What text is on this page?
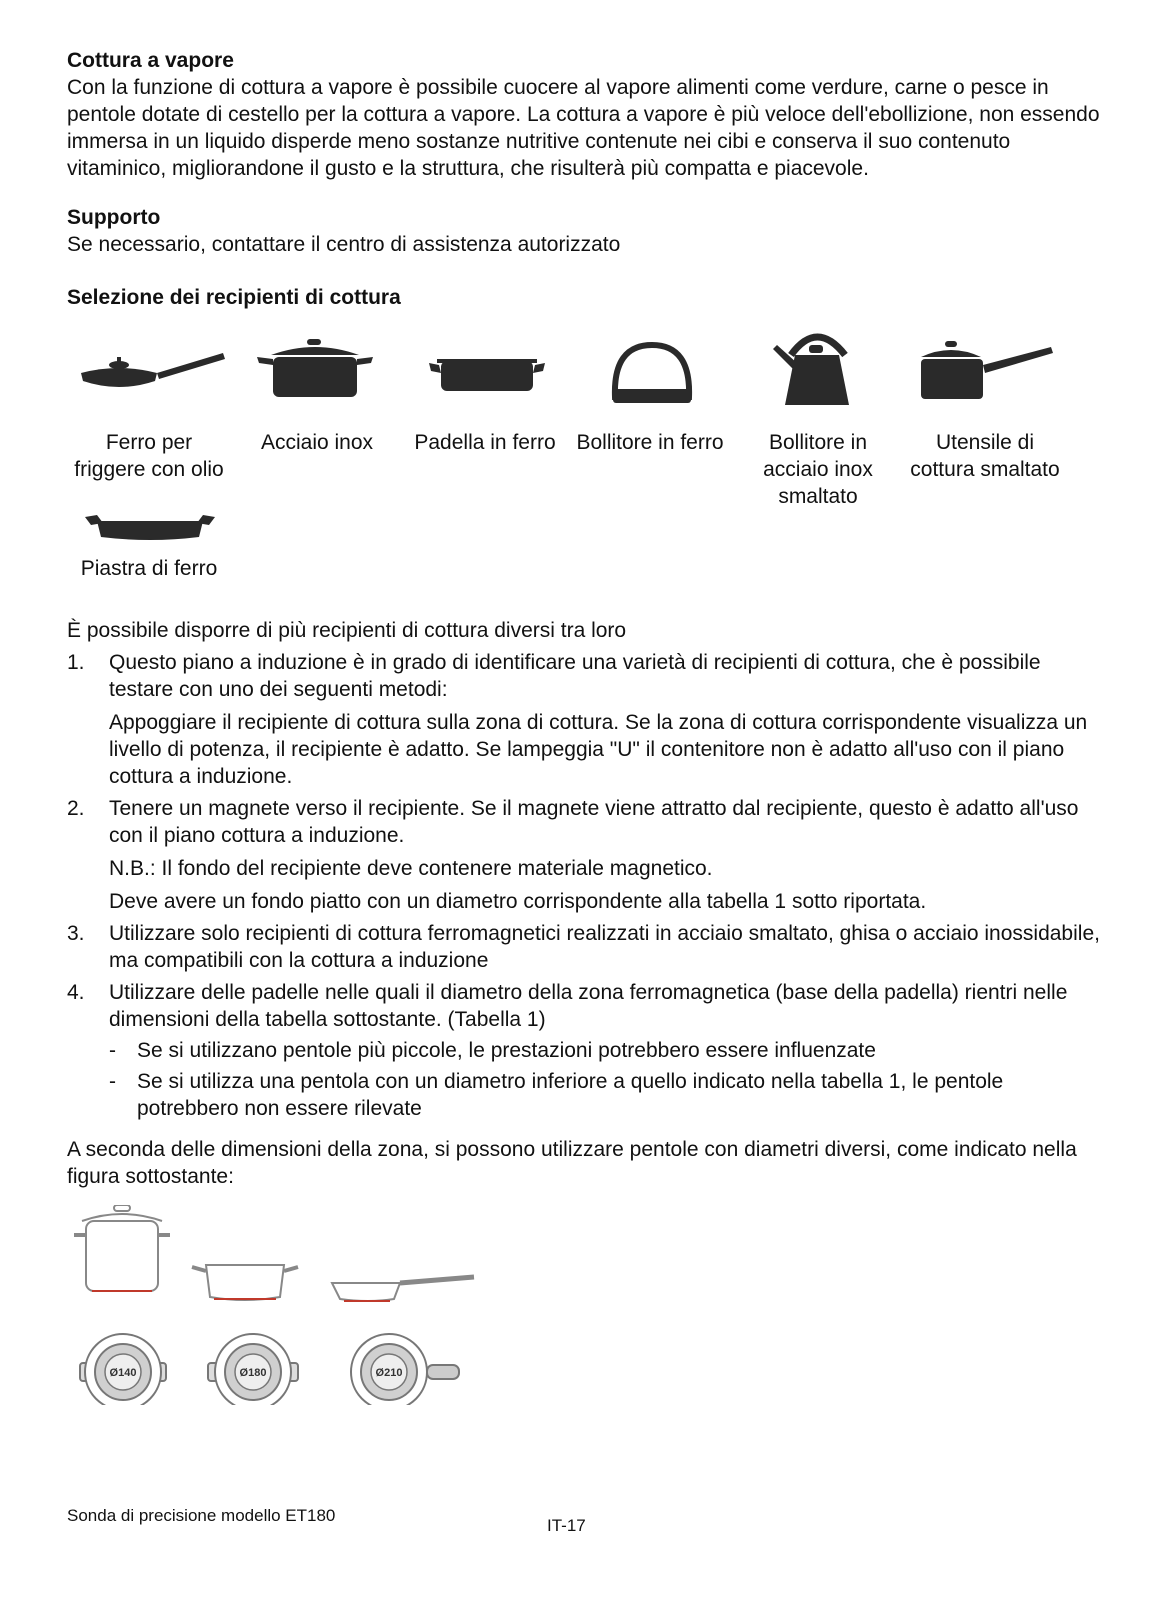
Cottura a vapore

Con la funzione di cottura a vapore è possibile cuocere al vapore alimenti come verdure, carne o pesce in pentole dotate di cestello per la cottura a vapore. La cottura a vapore è più veloce dell'ebollizione, non essendo immersa in un liquido disperde meno sostanze nutritive contenute nei cibi e conserva il suo contenuto vitaminico, migliorandone il gusto e la struttura, che risulterà più compatta e piacevole.

Supporto

Se necessario, contattare il centro di assistenza autorizzato

Selezione dei recipienti di cottura

Ferro per friggere con olio
Acciaio inox	Padella in ferro Bollitore in ferro	Bollitore in acciaio inox smaltato
Utensile di cottura smaltato
Piastra di ferro

È possibile disporre di più recipienti di cottura diversi tra loro

1. Questo piano a induzione è in grado di identificare una varietà di recipienti di cottura, che è possibile testare con uno dei seguenti metodi:
Appoggiare il recipiente di cottura sulla zona di cottura. Se la zona di cottura corrispondente visualizza un livello di potenza, il recipiente è adatto. Se lampeggia "U" il contenitore non è adatto all'uso con il piano cottura a induzione.
2. Tenere un magnete verso il recipiente. Se il magnete viene attratto dal recipiente, questo è adatto all'uso con il piano cottura a induzione.
N.B.: Il fondo del recipiente deve contenere materiale magnetico.
Deve avere un fondo piatto con un diametro corrispondente alla tabella 1 sotto riportata.
3. Utilizzare solo recipienti di cottura ferromagnetici realizzati in acciaio smaltato, ghisa o acciaio inossidabile, ma compatibili con la cottura a induzione
4. Utilizzare delle padelle nelle quali il diametro della zona ferromagnetica (base della padella) rientri nelle dimensioni della tabella sottostante. (Tabella 1)
- Se si utilizzano pentole più piccole, le prestazioni potrebbero essere influenzate
- Se si utilizza una pentola con un diametro inferiore a quello indicato nella tabella 1, le pentole potrebbero non essere rilevate

A seconda delle dimensioni della zona, si possono utilizzare pentole con diametri diversi, come indicato nella figura sottostante:

Ø140	Ø180	Ø210
Sonda di precisione modello ET180
IT-17
